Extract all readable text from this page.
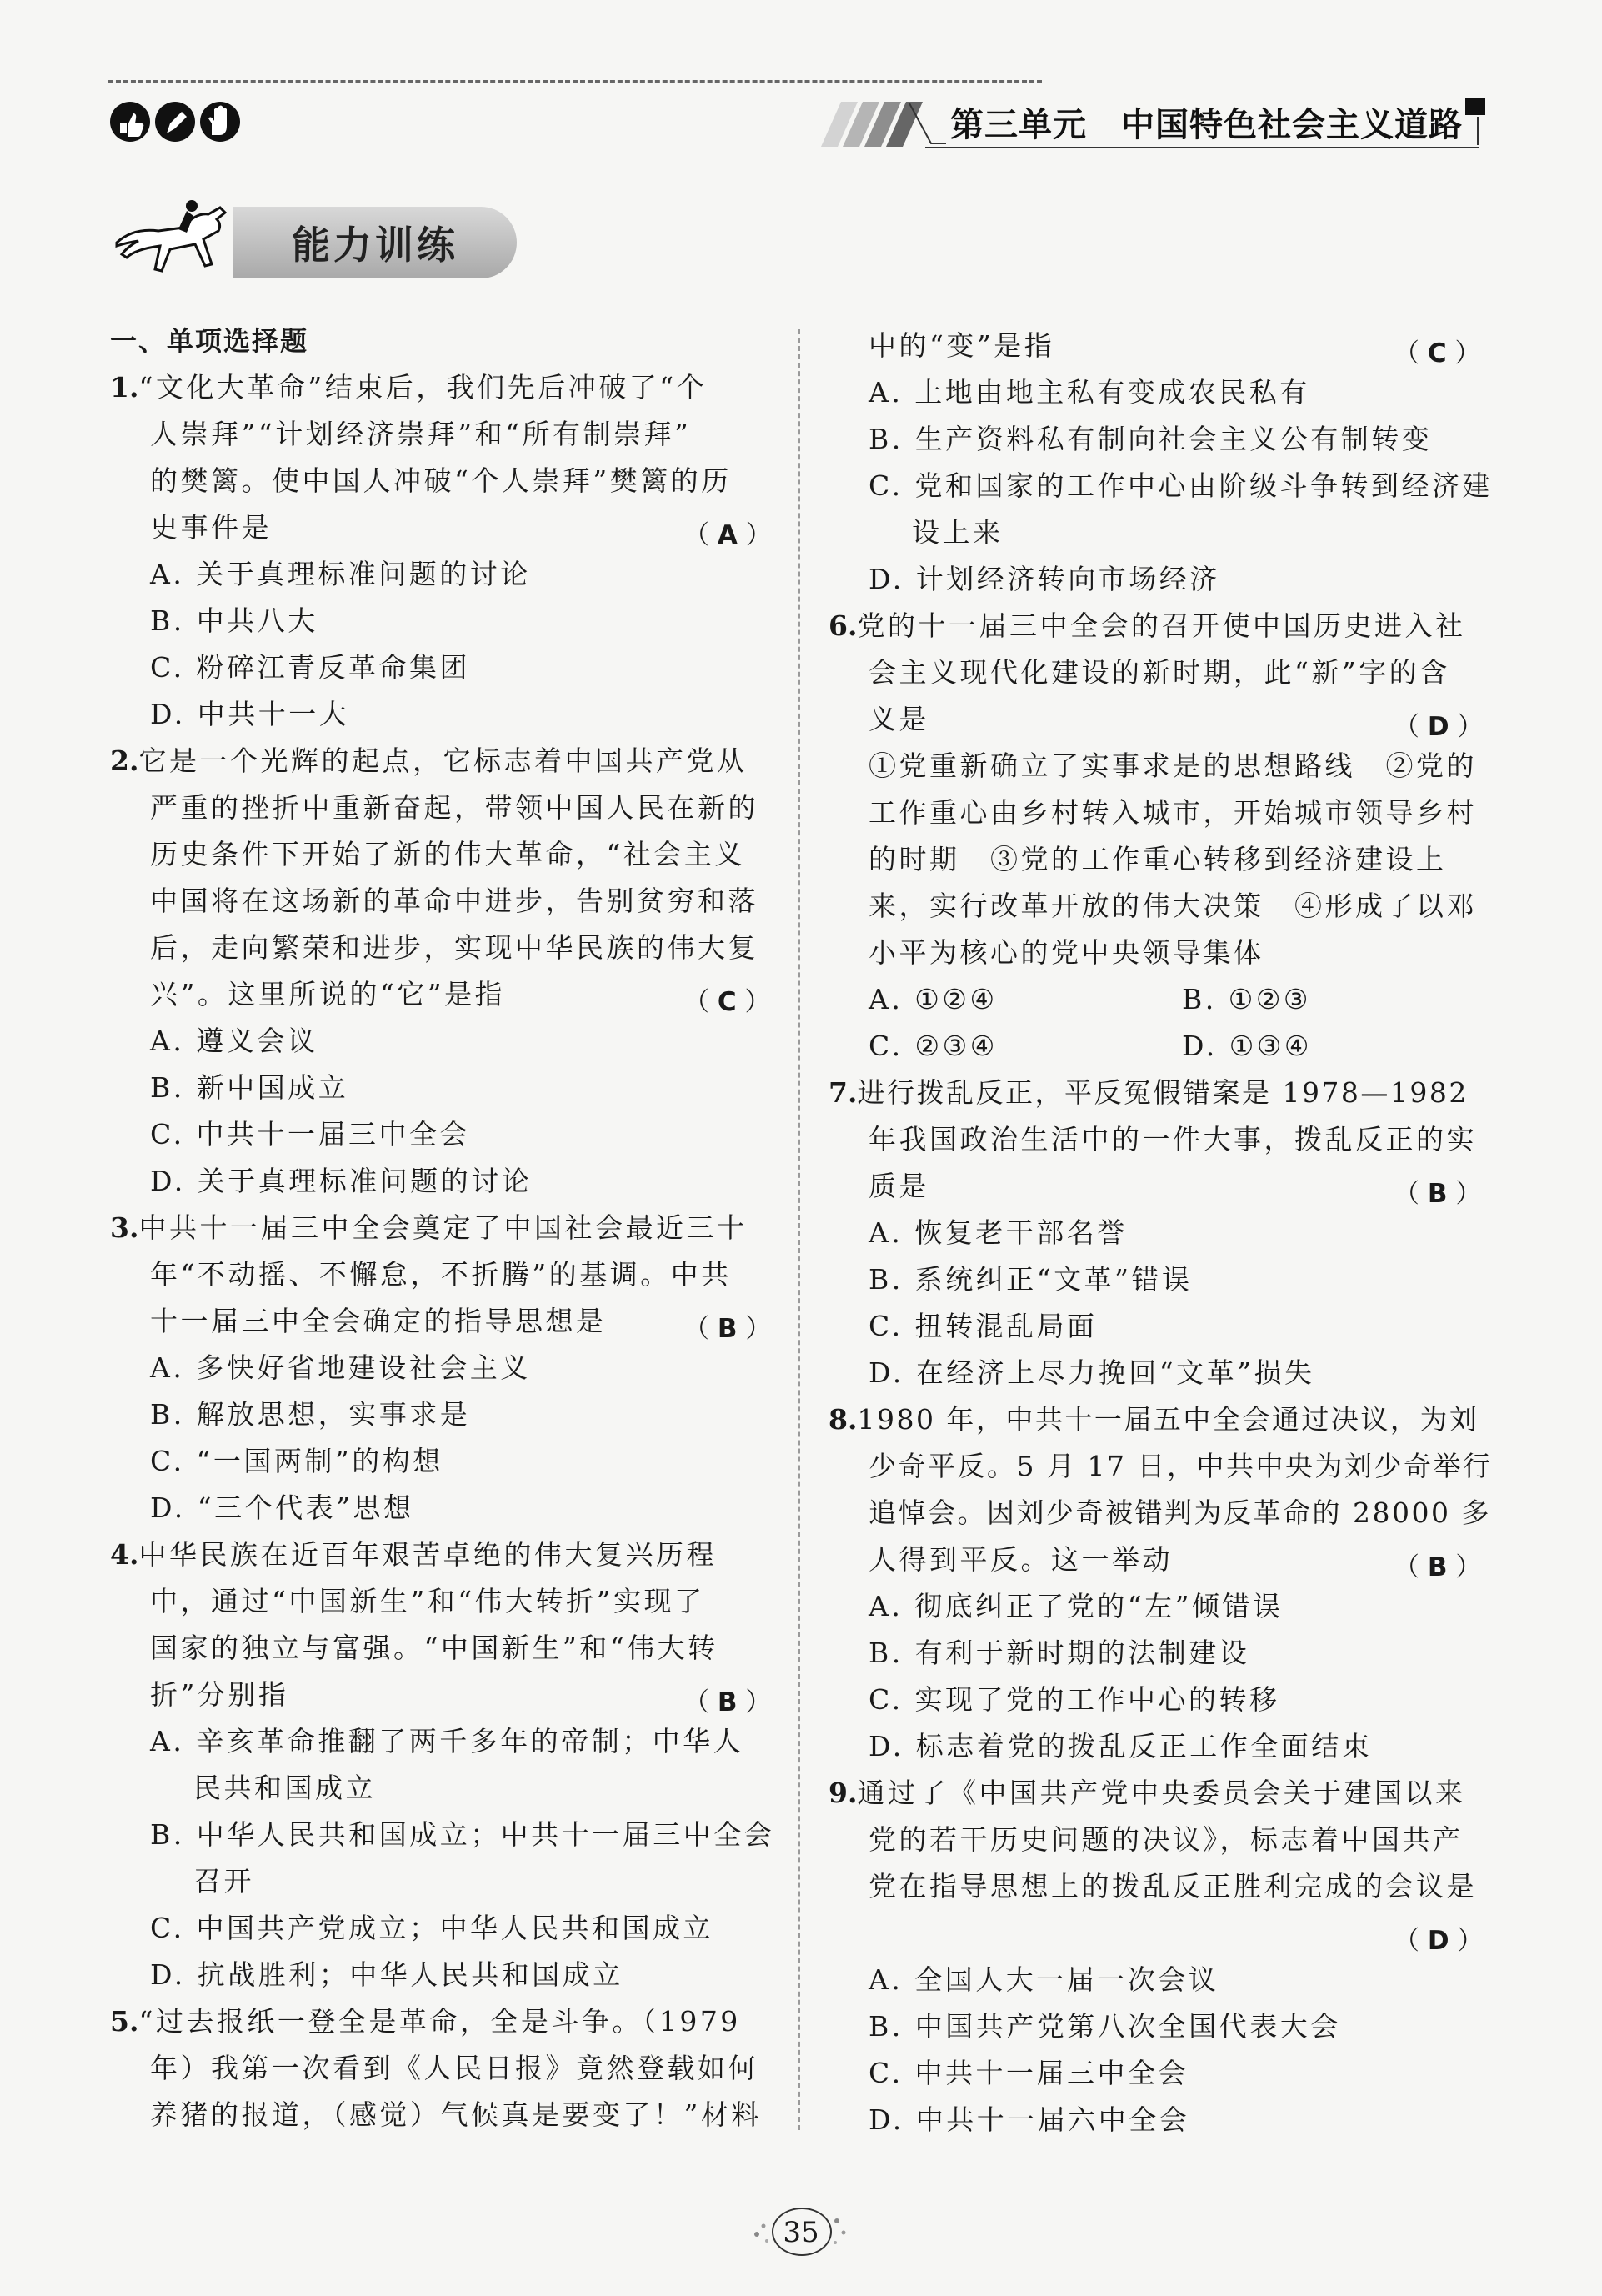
第三单元　中国特色社会主义道路
能力训练
一、单项选择题
1.“文化大革命”结束后，我们先后冲破了“个
人崇拜”“计划经济崇拜”和“所有制崇拜”
的樊篱。使中国人冲破“个人崇拜”樊篱的历
史事件是	（ A ）
A. 关于真理标准问题的讨论
B. 中共八大
C. 粉碎江青反革命集团
D. 中共十一大
2.它是一个光辉的起点，它标志着中国共产党从
严重的挫折中重新奋起，带领中国人民在新的
历史条件下开始了新的伟大革命，“社会主义
中国将在这场新的革命中进步，告别贫穷和落
后，走向繁荣和进步，实现中华民族的伟大复
兴”。这里所说的“它”是指	（ C ）
A. 遵义会议
B. 新中国成立
C. 中共十一届三中全会
D. 关于真理标准问题的讨论
3.中共十一届三中全会奠定了中国社会最近三十
年“不动摇、不懈怠，不折腾”的基调。中共
十一届三中全会确定的指导思想是	（ B ）
A. 多快好省地建设社会主义
B. 解放思想，实事求是
C. “一国两制”的构想
D. “三个代表”思想
4.中华民族在近百年艰苦卓绝的伟大复兴历程
中，通过“中国新生”和“伟大转折”实现了
国家的独立与富强。“中国新生”和“伟大转
折”分别指	（ B ）
A. 辛亥革命推翻了两千多年的帝制；中华人
民共和国成立
B. 中华人民共和国成立；中共十一届三中全会
召开
C. 中国共产党成立；中华人民共和国成立
D. 抗战胜利；中华人民共和国成立
5.“过去报纸一登全是革命，全是斗争。（1979
年）我第一次看到《人民日报》竟然登载如何
养猪的报道，（感觉）气候真是要变了！”材料
中的“变”是指	（ C ）
A. 土地由地主私有变成农民私有
B. 生产资料私有制向社会主义公有制转变
C. 党和国家的工作中心由阶级斗争转到经济建
设上来
D. 计划经济转向市场经济
6.党的十一届三中全会的召开使中国历史进入社
会主义现代化建设的新时期，此“新”字的含
义是	（ D ）
①党重新确立了实事求是的思想路线　②党的
工作重心由乡村转入城市，开始城市领导乡村
的时期　③党的工作重心转移到经济建设上
来，实行改革开放的伟大决策　④形成了以邓
小平为核心的党中央领导集体
A. ①②④	B. ①②③
C. ②③④	D. ①③④
7.进行拨乱反正，平反冤假错案是 1978—1982
年我国政治生活中的一件大事，拨乱反正的实
质是	（ B ）
A. 恢复老干部名誉
B. 系统纠正“文革”错误
C. 扭转混乱局面
D. 在经济上尽力挽回“文革”损失
8.1980 年，中共十一届五中全会通过决议，为刘
少奇平反。5 月 17 日，中共中央为刘少奇举行
追悼会。因刘少奇被错判为反革命的 28000 多
人得到平反。这一举动	（ B ）
A. 彻底纠正了党的“左”倾错误
B. 有利于新时期的法制建设
C. 实现了党的工作中心的转移
D. 标志着党的拨乱反正工作全面结束
9.通过了《中国共产党中央委员会关于建国以来
党的若干历史问题的决议》，标志着中国共产
党在指导思想上的拨乱反正胜利完成的会议是
（ D ）
A. 全国人大一届一次会议
B. 中国共产党第八次全国代表大会
C. 中共十一届三中全会
D. 中共十一届六中全会
35
